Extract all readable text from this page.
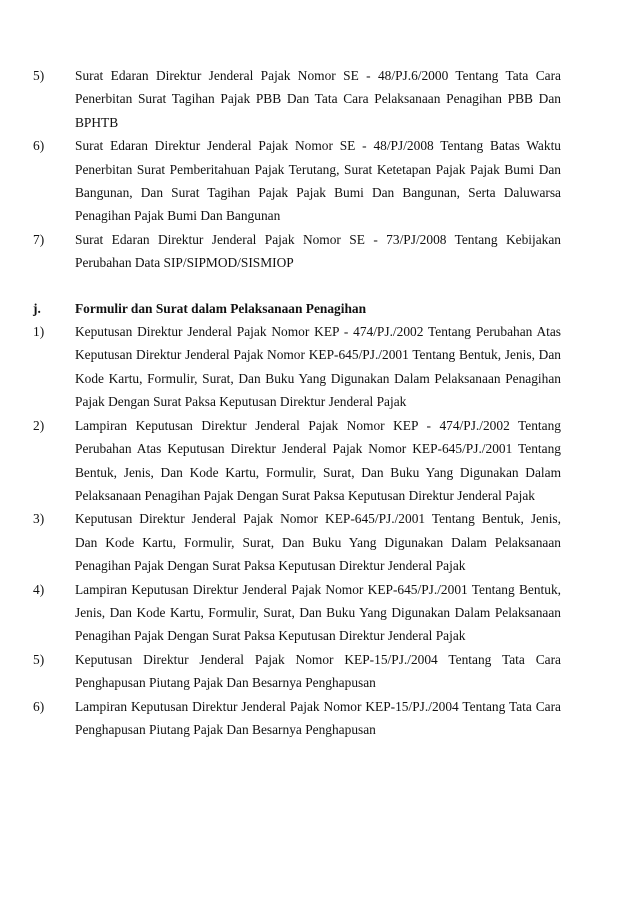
5) Surat Edaran Direktur Jenderal Pajak Nomor SE - 48/PJ.6/2000 Tentang Tata Cara Penerbitan Surat Tagihan Pajak PBB Dan Tata Cara Pelaksanaan Penagihan PBB Dan BPHTB
6) Surat Edaran Direktur Jenderal Pajak Nomor SE - 48/PJ/2008 Tentang Batas Waktu Penerbitan Surat Pemberitahuan Pajak Terutang, Surat Ketetapan Pajak Pajak Bumi Dan Bangunan, Dan Surat Tagihan Pajak Pajak Bumi Dan Bangunan, Serta Daluwarsa Penagihan Pajak Bumi Dan Bangunan
7) Surat Edaran Direktur Jenderal Pajak Nomor SE - 73/PJ/2008 Tentang Kebijakan Perubahan Data SIP/SIPMOD/SISMIOP
j.	Formulir dan Surat dalam Pelaksanaan Penagihan
1) Keputusan Direktur Jenderal Pajak Nomor KEP - 474/PJ./2002 Tentang Perubahan Atas Keputusan Direktur Jenderal Pajak Nomor KEP-645/PJ./2001 Tentang Bentuk, Jenis, Dan Kode Kartu, Formulir, Surat, Dan Buku Yang Digunakan Dalam Pelaksanaan Penagihan Pajak Dengan Surat Paksa Keputusan Direktur Jenderal Pajak
2) Lampiran Keputusan Direktur Jenderal Pajak Nomor KEP - 474/PJ./2002 Tentang Perubahan Atas Keputusan Direktur Jenderal Pajak Nomor KEP-645/PJ./2001 Tentang Bentuk, Jenis, Dan Kode Kartu, Formulir, Surat, Dan Buku Yang Digunakan Dalam Pelaksanaan Penagihan Pajak Dengan Surat Paksa Keputusan Direktur Jenderal Pajak
3) Keputusan Direktur Jenderal Pajak Nomor KEP-645/PJ./2001 Tentang Bentuk, Jenis, Dan Kode Kartu, Formulir, Surat, Dan Buku Yang Digunakan Dalam Pelaksanaan Penagihan Pajak Dengan Surat Paksa Keputusan Direktur Jenderal Pajak
4) Lampiran Keputusan Direktur Jenderal Pajak Nomor KEP-645/PJ./2001 Tentang Bentuk, Jenis, Dan Kode Kartu, Formulir, Surat, Dan Buku Yang Digunakan Dalam Pelaksanaan Penagihan Pajak Dengan Surat Paksa Keputusan Direktur Jenderal Pajak
5) Keputusan Direktur Jenderal Pajak Nomor KEP-15/PJ./2004 Tentang Tata Cara Penghapusan Piutang Pajak Dan Besarnya Penghapusan
6) Lampiran Keputusan Direktur Jenderal Pajak Nomor KEP-15/PJ./2004 Tentang Tata Cara Penghapusan Piutang Pajak Dan Besarnya Penghapusan
